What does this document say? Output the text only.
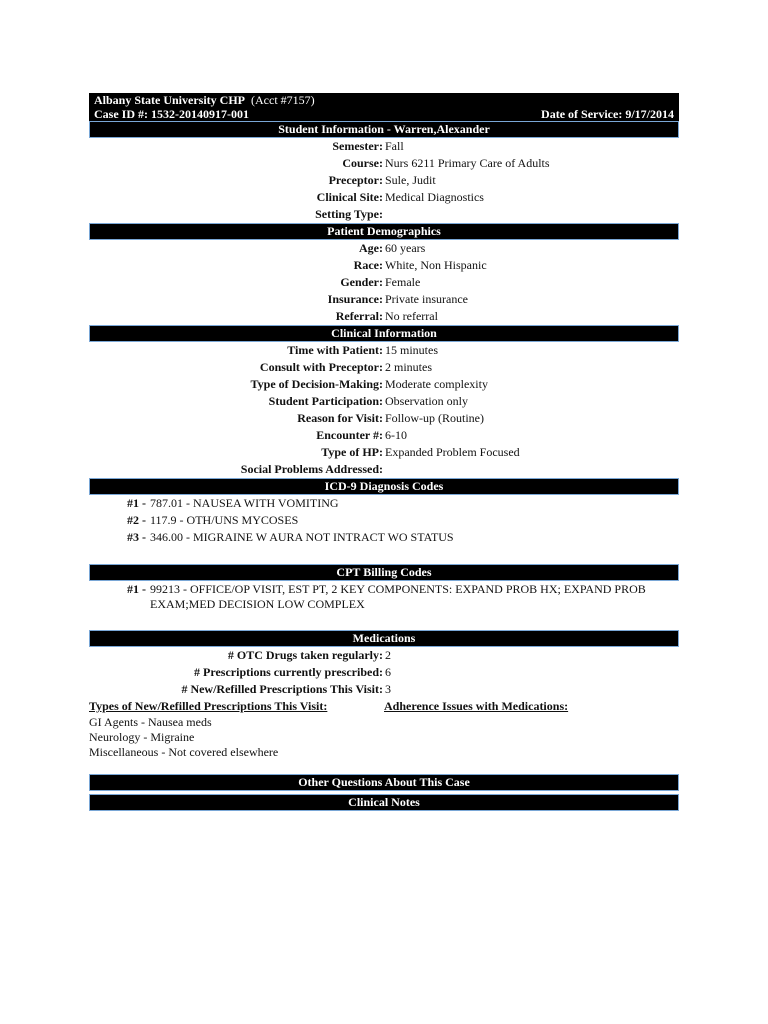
Albany State University CHP (Acct #7157)
Case ID #: 1532-20140917-001	Date of Service: 9/17/2014
Student Information - Warren,Alexander
Semester: Fall
Course: Nurs 6211 Primary Care of Adults
Preceptor: Sule, Judit
Clinical Site: Medical Diagnostics
Setting Type:
Patient Demographics
Age: 60 years
Race: White, Non Hispanic
Gender: Female
Insurance: Private insurance
Referral: No referral
Clinical Information
Time with Patient: 15 minutes
Consult with Preceptor: 2 minutes
Type of Decision-Making: Moderate complexity
Student Participation: Observation only
Reason for Visit: Follow-up (Routine)
Encounter #: 6-10
Type of HP: Expanded Problem Focused
Social Problems Addressed:
ICD-9 Diagnosis Codes
#1 - 787.01 - NAUSEA WITH VOMITING
#2 - 117.9 - OTH/UNS MYCOSES
#3 - 346.00 - MIGRAINE W AURA NOT INTRACT WO STATUS
CPT Billing Codes
#1 - 99213 - OFFICE/OP VISIT, EST PT, 2 KEY COMPONENTS: EXPAND PROB HX; EXPAND PROB EXAM;MED DECISION LOW COMPLEX
Medications
# OTC Drugs taken regularly: 2
# Prescriptions currently prescribed: 6
# New/Refilled Prescriptions This Visit: 3
Types of New/Refilled Prescriptions This Visit:	Adherence Issues with Medications:
GI Agents - Nausea meds
Neurology - Migraine
Miscellaneous - Not covered elsewhere
Other Questions About This Case
Clinical Notes
